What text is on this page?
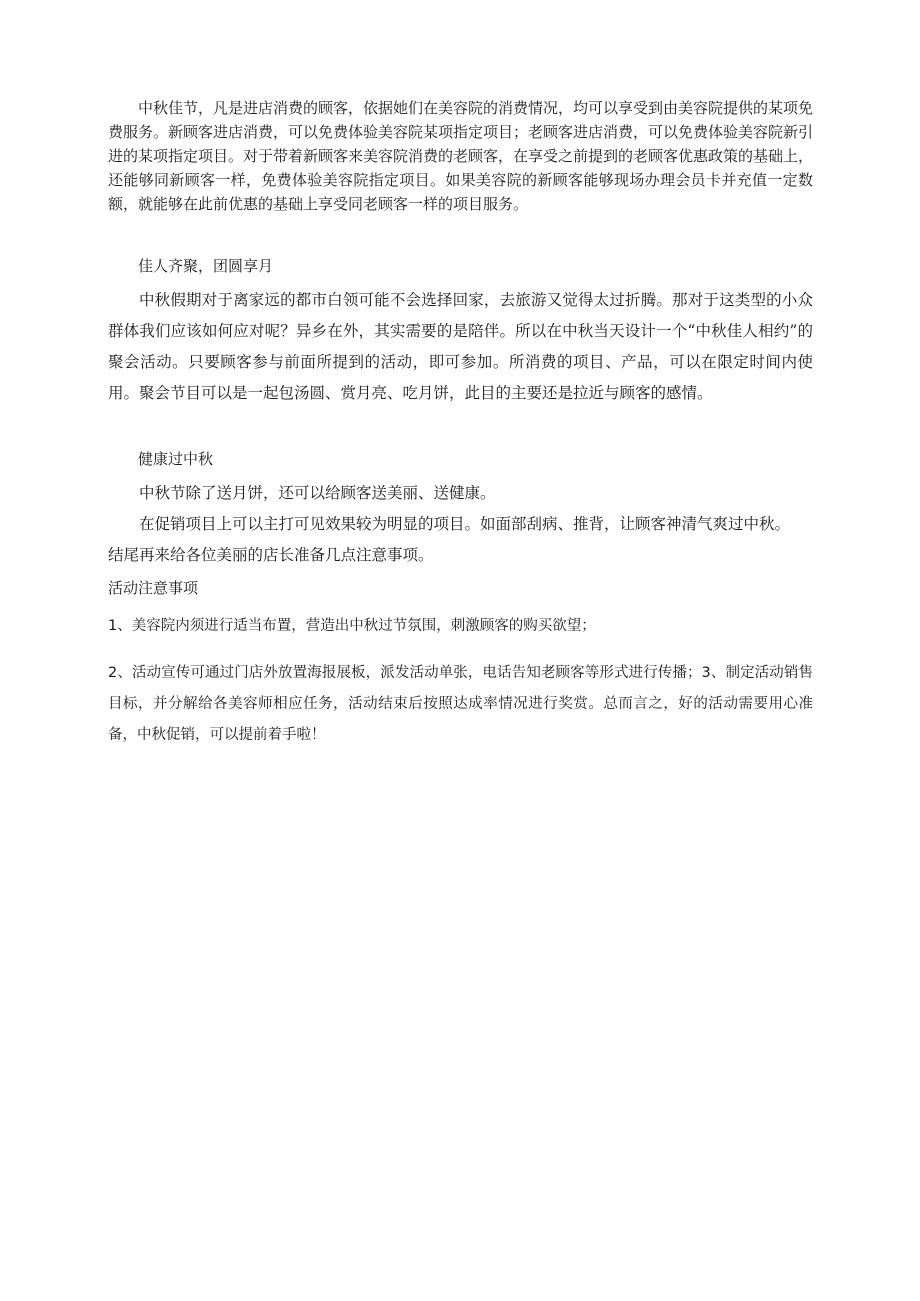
中秋佳节，凡是进店消费的顾客，依据她们在美容院的消费情况，均可以享受到由美容院提供的某项免费服务。新顾客进店消费，可以免费体验美容院某项指定项目；老顾客进店消费，可以免费体验美容院新引进的某项指定项目。对于带着新顾客来美容院消费的老顾客，在享受之前提到的老顾客优惠政策的基础上，还能够同新顾客一样，免费体验美容院指定项目。如果美容院的新顾客能够现场办理会员卡并充值一定数额，就能够在此前优惠的基础上享受同老顾客一样的项目服务。

佳人齐聚，团圆享月

中秋假期对于离家远的都市白领可能不会选择回家，去旅游又觉得太过折腾。那对于这类型的小众群体我们应该如何应对呢？异乡在外，其实需要的是陪伴。所以在中秋当天设计一个“中秋佳人相约”的聚会活动。只要顾客参与前面所提到的活动，即可参加。所消费的项目、产品，可以在限定时间内使用。聚会节目可以是一起包汤圆、赏月亮、吃月饼，此目的主要还是拉近与顾客的感情。

健康过中秋

中秋节除了送月饼，还可以给顾客送美丽、送健康。

在促销项目上可以主打可见效果较为明显的项目。如面部刮病、推背，让顾客神清气爽过中秋。

结尾再来给各位美丽的店长准备几点注意事项。

活动注意事项

1、美容院内须进行适当布置，营造出中秋过节氛围，刺激顾客的购买欲望；

2、活动宣传可通过门店外放置海报展板，派发活动单张，电话告知老顾客等形式进行传播；3、制定活动销售目标，并分解给各美容师相应任务，活动结束后按照达成率情况进行奖赏。总而言之，好的活动需要用心准备，中秋促销，可以提前着手啦！
